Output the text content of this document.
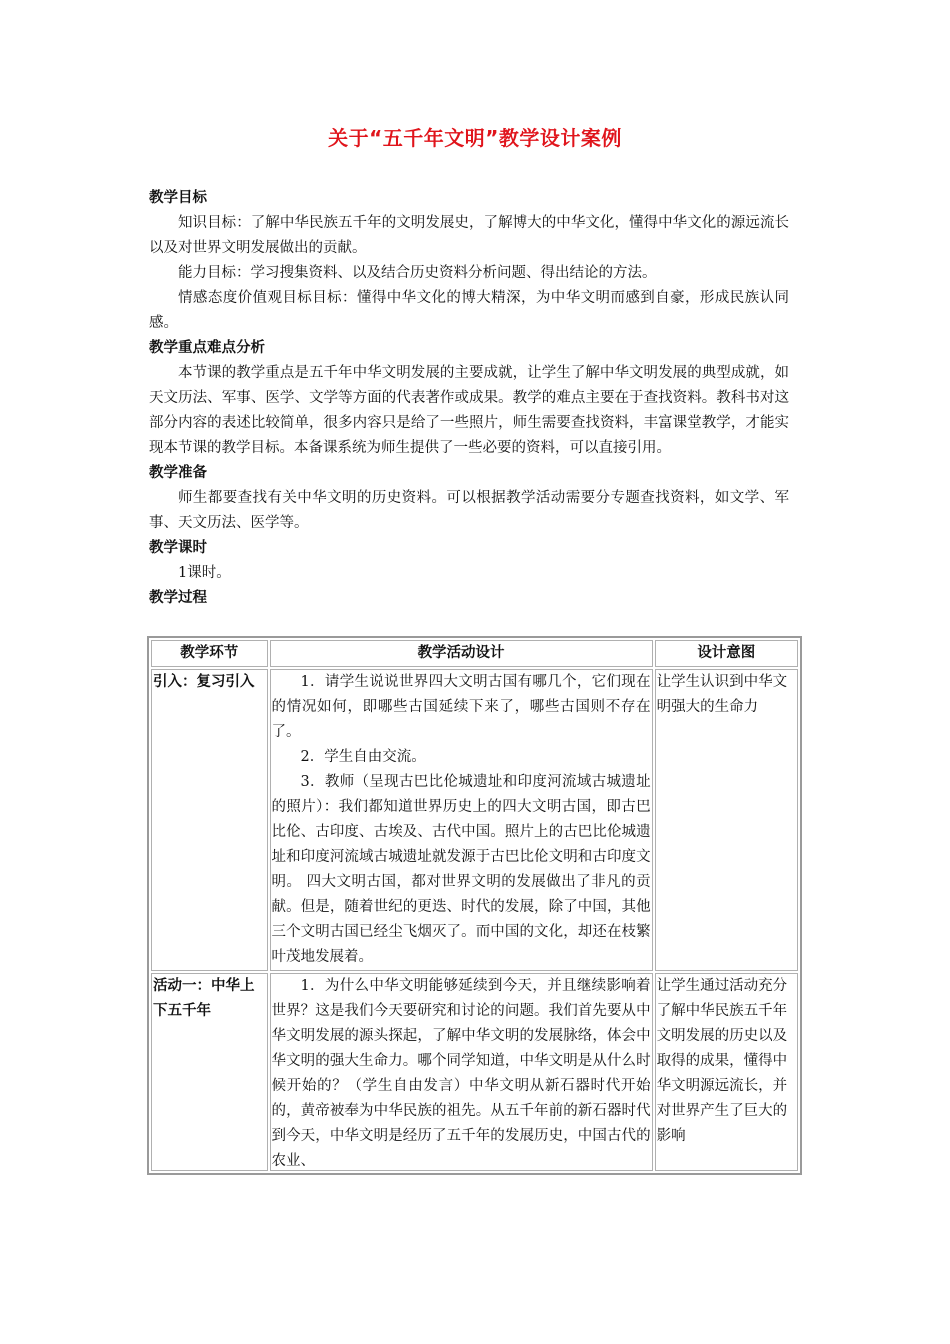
关于“五千年文明”教学设计案例

教学目标

知识目标：了解中华民族五千年的文明发展史，了解博大的中华文化，懂得中华文化的源远流长以及对世界文明发展做出的贡献。

能力目标：学习搜集资料、以及结合历史资料分析问题、得出结论的方法。

情感态度价值观目标目标：懂得中华文化的博大精深，为中华文明而感到自豪，形成民族认同感。

教学重点难点分析

本节课的教学重点是五千年中华文明发展的主要成就，让学生了解中华文明发展的典型成就，如天文历法、军事、医学、文学等方面的代表著作或成果。教学的难点主要在于查找资料。教科书对这部分内容的表述比较简单，很多内容只是给了一些照片，师生需要查找资料，丰富课堂教学，才能实现本节课的教学目标。本备课系统为师生提供了一些必要的资料，可以直接引用。

教学准备

师生都要查找有关中华文明的历史资料。可以根据教学活动需要分专题查找资料，如文学、军事、天文历法、医学等。

教学课时

1课时。

教学过程

教学环节	教学活动设计	设计意图
引入：复习引入	1．请学生说说世界四大文明古国有哪几个，它们现在的情况如何，即哪些古国延续下来了，哪些古国则不存在了。

2．学生自由交流。

3．教师（呈现古巴比伦城遗址和印度河流域古城遗址的照片）：我们都知道世界历史上的四大文明古国，即古巴比伦、古印度、古埃及、古代中国。照片上的古巴比伦城遗址和印度河流域古城遗址就发源于古巴比伦文明和古印度文明。 四大文明古国，都对世界文明的发展做出了非凡的贡献。但是，随着世纪的更迭、时代的发展，除了中国，其他三个文明古国已经尘飞烟灭了。而中国的文化，却还在枝繁叶茂地发展着。	让学生认识到中华文明强大的生命力
活动一：中华上下五千年	1．为什么中华文明能够延续到今天，并且继续影响着世界？这是我们今天要研究和讨论的问题。我们首先要从中华文明发展的源头探起，了解中华文明的发展脉络，体会中华文明的强大生命力。哪个同学知道，中华文明是从什么时候开始的？（学生自由发言）中华文明从新石器时代开始的，黄帝被奉为中华民族的祖先。从五千年前的新石器时代到今天，中华文明是经历了五千年的发展历史，中国古代的农业、	让学生通过活动充分了解中华民族五千年文明发展的历史以及取得的成果，懂得中华文明源远流长，并对世界产生了巨大的影响
